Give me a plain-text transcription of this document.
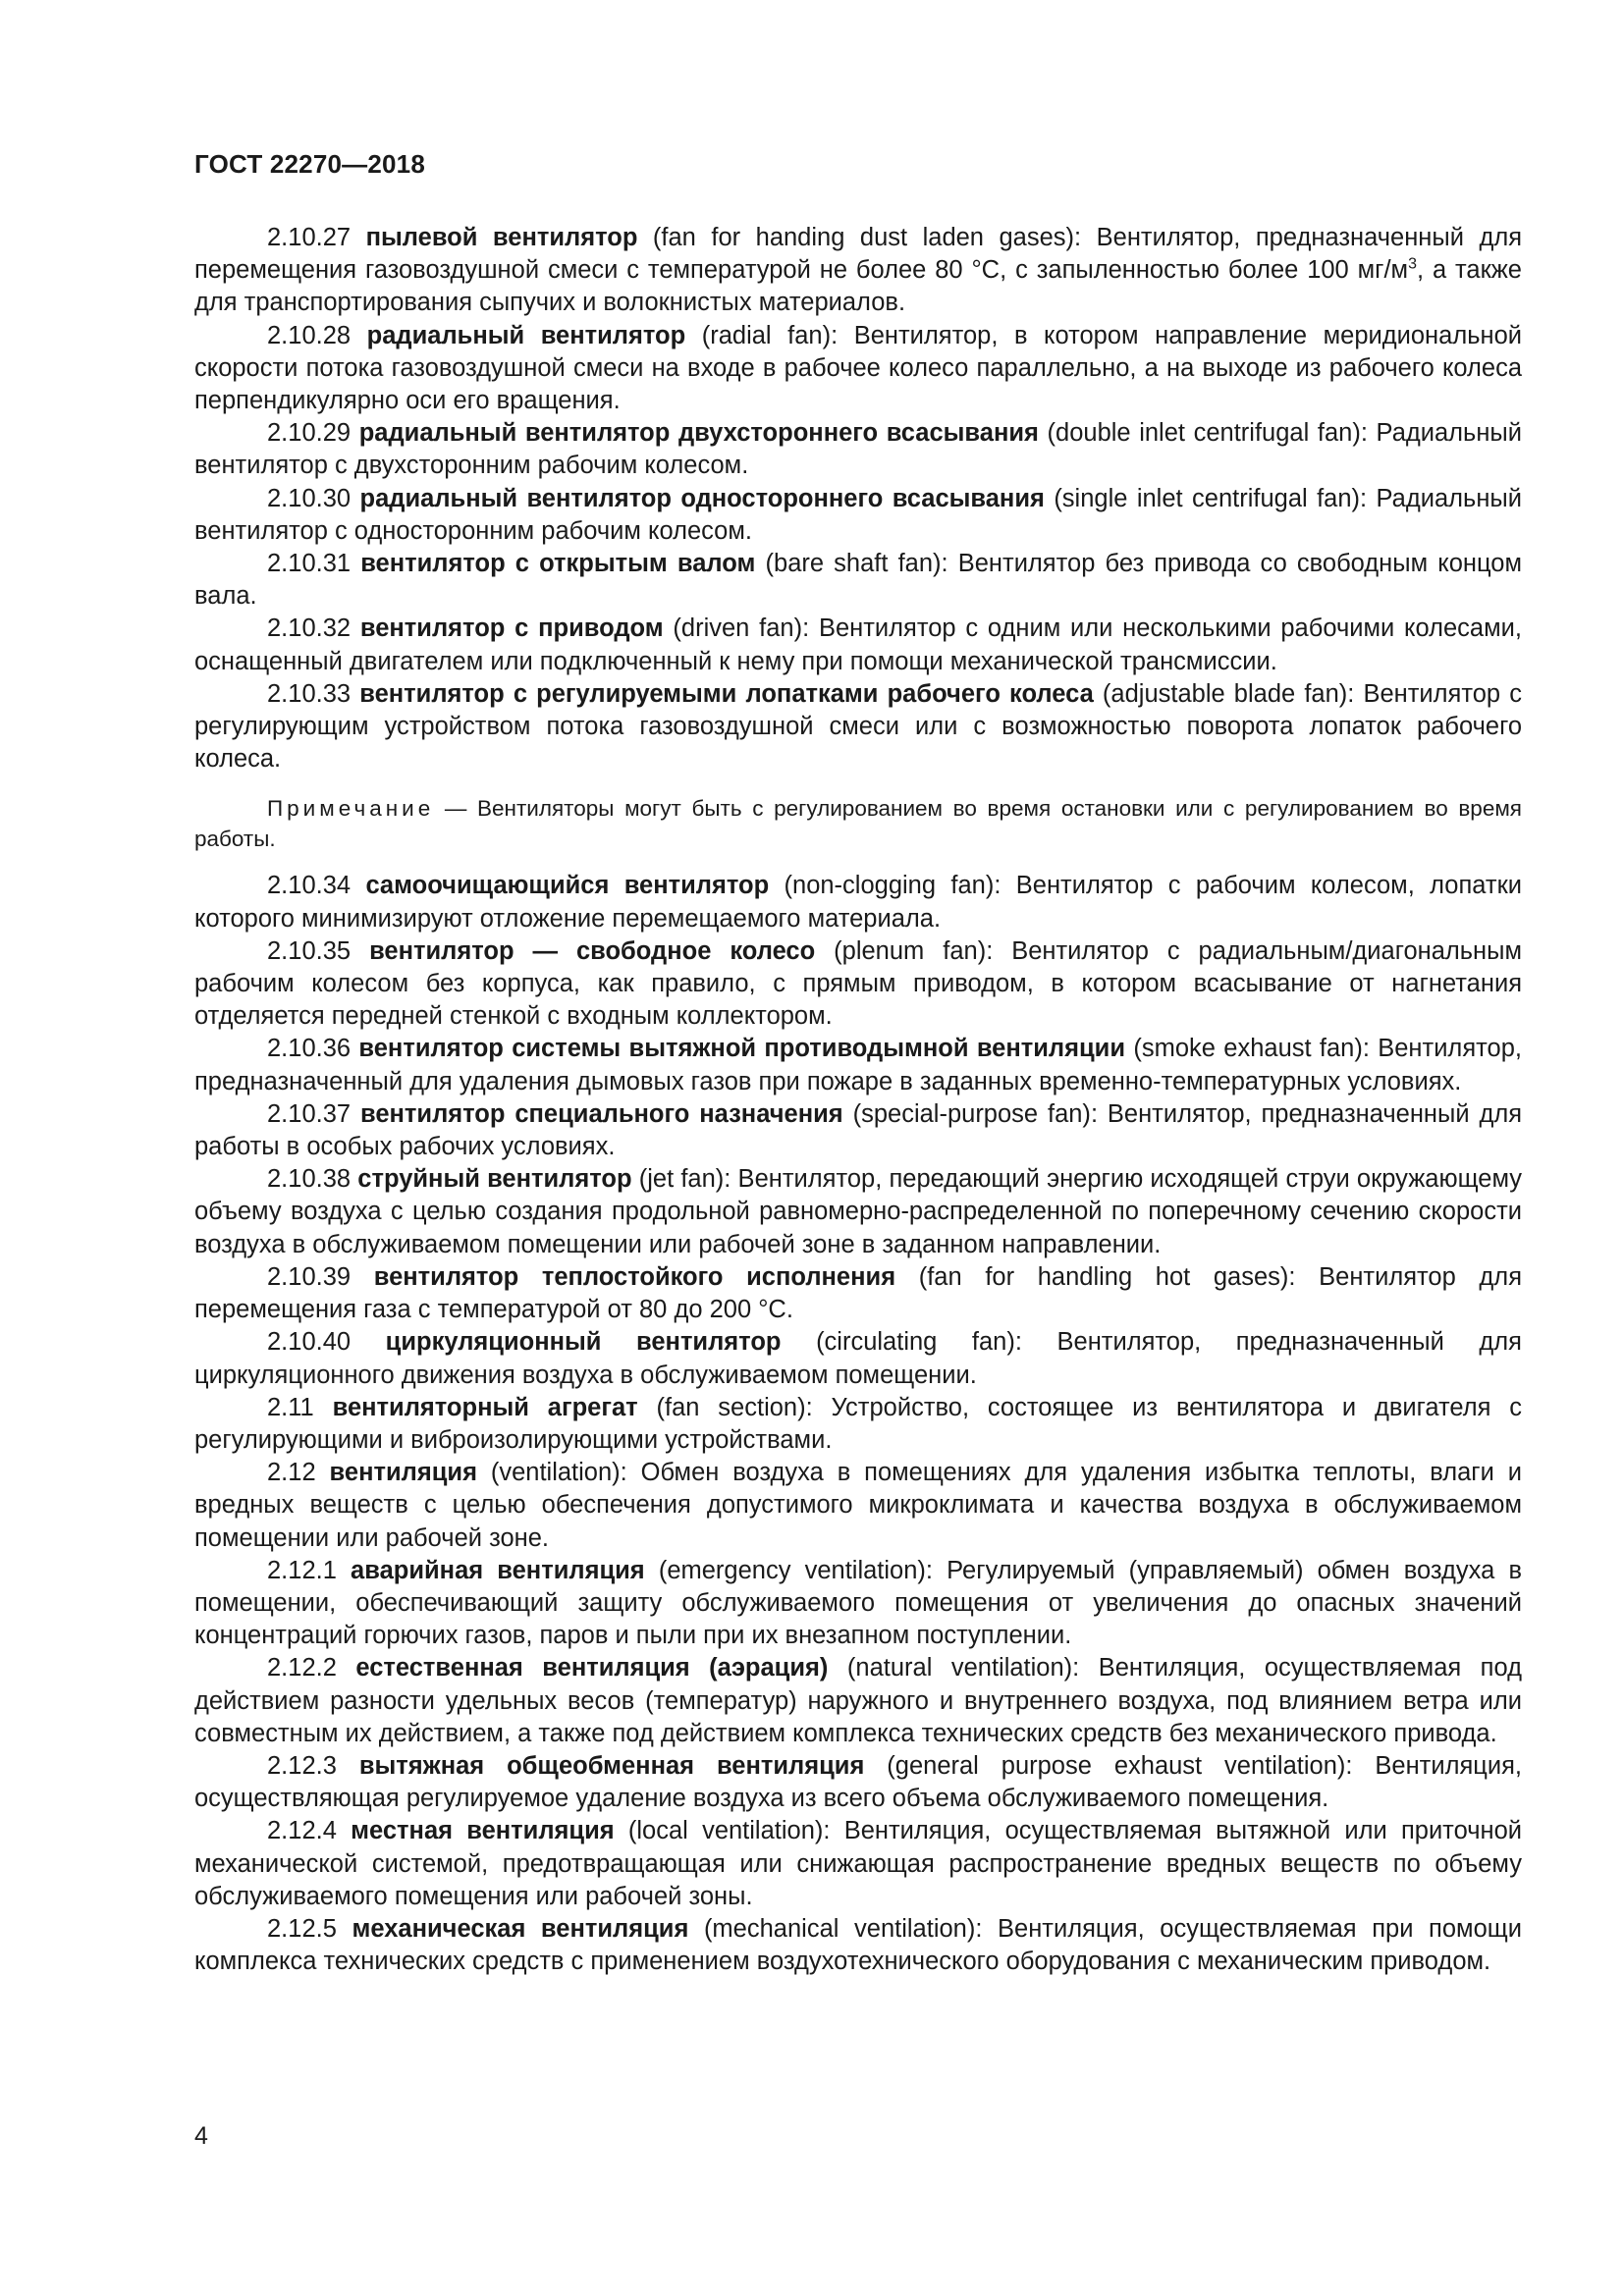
ГОСТ 22270—2018

2.10.27 пылевой вентилятор (fan for handing dust laden gases): Вентилятор, предназначенный для перемещения газовоздушной смеси с температурой не более 80 °С, с запыленностью более 100 $мг/м^3$, а также для транспортирования сыпучих и волокнистых материалов.

2.10.28 радиальный вентилятор (radial fan): Вентилятор, в котором направление меридиональной скорости потока газовоздушной смеси на входе в рабочее колесо параллельно, а на выходе из рабочего колеса перпендикулярно оси его вращения.

2.10.29 радиальный вентилятор двухстороннего всасывания (double inlet centrifugal fan): Радиальный вентилятор с двухсторонним рабочим колесом.

2.10.30 радиальный вентилятор одностороннего всасывания (single inlet centrifugal fan): Радиальный вентилятор с односторонним рабочим колесом.

2.10.31 вентилятор с открытым валом (bare shaft fan): Вентилятор без привода со свободным концом вала.

2.10.32 вентилятор с приводом (driven fan): Вентилятор с одним или несколькими рабочими колесами, оснащенный двигателем или подключенный к нему при помощи механической трансмиссии.

2.10.33 вентилятор с регулируемыми лопатками рабочего колеса (adjustable blade fan): Вентилятор с регулирующим устройством потока газовоздушной смеси или с возможностью поворота лопаток рабочего колеса.

Примечание — Вентиляторы могут быть с регулированием во время остановки или с регулированием во время работы.

2.10.34 самоочищающийся вентилятор (non-clogging fan): Вентилятор с рабочим колесом, лопатки которого минимизируют отложение перемещаемого материала.

2.10.35 вентилятор — свободное колесо (plenum fan): Вентилятор с радиальным/диагональным рабочим колесом без корпуса, как правило, с прямым приводом, в котором всасывание от нагнетания отделяется передней стенкой с входным коллектором.

2.10.36 вентилятор системы вытяжной противодымной вентиляции (smoke exhaust fan): Вентилятор, предназначенный для удаления дымовых газов при пожаре в заданных временно-температурных условиях.

2.10.37 вентилятор специального назначения (special-purpose fan): Вентилятор, предназначенный для работы в особых рабочих условиях.

2.10.38 струйный вентилятор (jet fan): Вентилятор, передающий энергию исходящей струи окружающему объему воздуха с целью создания продольной равномерно-распределенной по поперечному сечению скорости воздуха в обслуживаемом помещении или рабочей зоне в заданном направлении.

2.10.39 вентилятор теплостойкого исполнения (fan for handling hot gases): Вентилятор для перемещения газа с температурой от 80 до 200 °С.

2.10.40 циркуляционный вентилятор (circulating fan): Вентилятор, предназначенный для циркуляционного движения воздуха в обслуживаемом помещении.

2.11 вентиляторный агрегат (fan section): Устройство, состоящее из вентилятора и двигателя с регулирующими и виброизолирующими устройствами.

2.12 вентиляция (ventilation): Обмен воздуха в помещениях для удаления избытка теплоты, влаги и вредных веществ с целью обеспечения допустимого микроклимата и качества воздуха в обслуживаемом помещении или рабочей зоне.

2.12.1 аварийная вентиляция (emergency ventilation): Регулируемый (управляемый) обмен воздуха в помещении, обеспечивающий защиту обслуживаемого помещения от увеличения до опасных значений концентраций горючих газов, паров и пыли при их внезапном поступлении.

2.12.2 естественная вентиляция (аэрация) (natural ventilation): Вентиляция, осуществляемая под действием разности удельных весов (температур) наружного и внутреннего воздуха, под влиянием ветра или совместным их действием, а также под действием комплекса технических средств без механического привода.

2.12.3 вытяжная общеобменная вентиляция (general purpose exhaust ventilation): Вентиляция, осуществляющая регулируемое удаление воздуха из всего объема обслуживаемого помещения.

2.12.4 местная вентиляция (local ventilation): Вентиляция, осуществляемая вытяжной или приточной механической системой, предотвращающая или снижающая распространение вредных веществ по объему обслуживаемого помещения или рабочей зоны.

2.12.5 механическая вентиляция (mechanical ventilation): Вентиляция, осуществляемая при помощи комплекса технических средств с применением воздухотехнического оборудования с механическим приводом.

4
